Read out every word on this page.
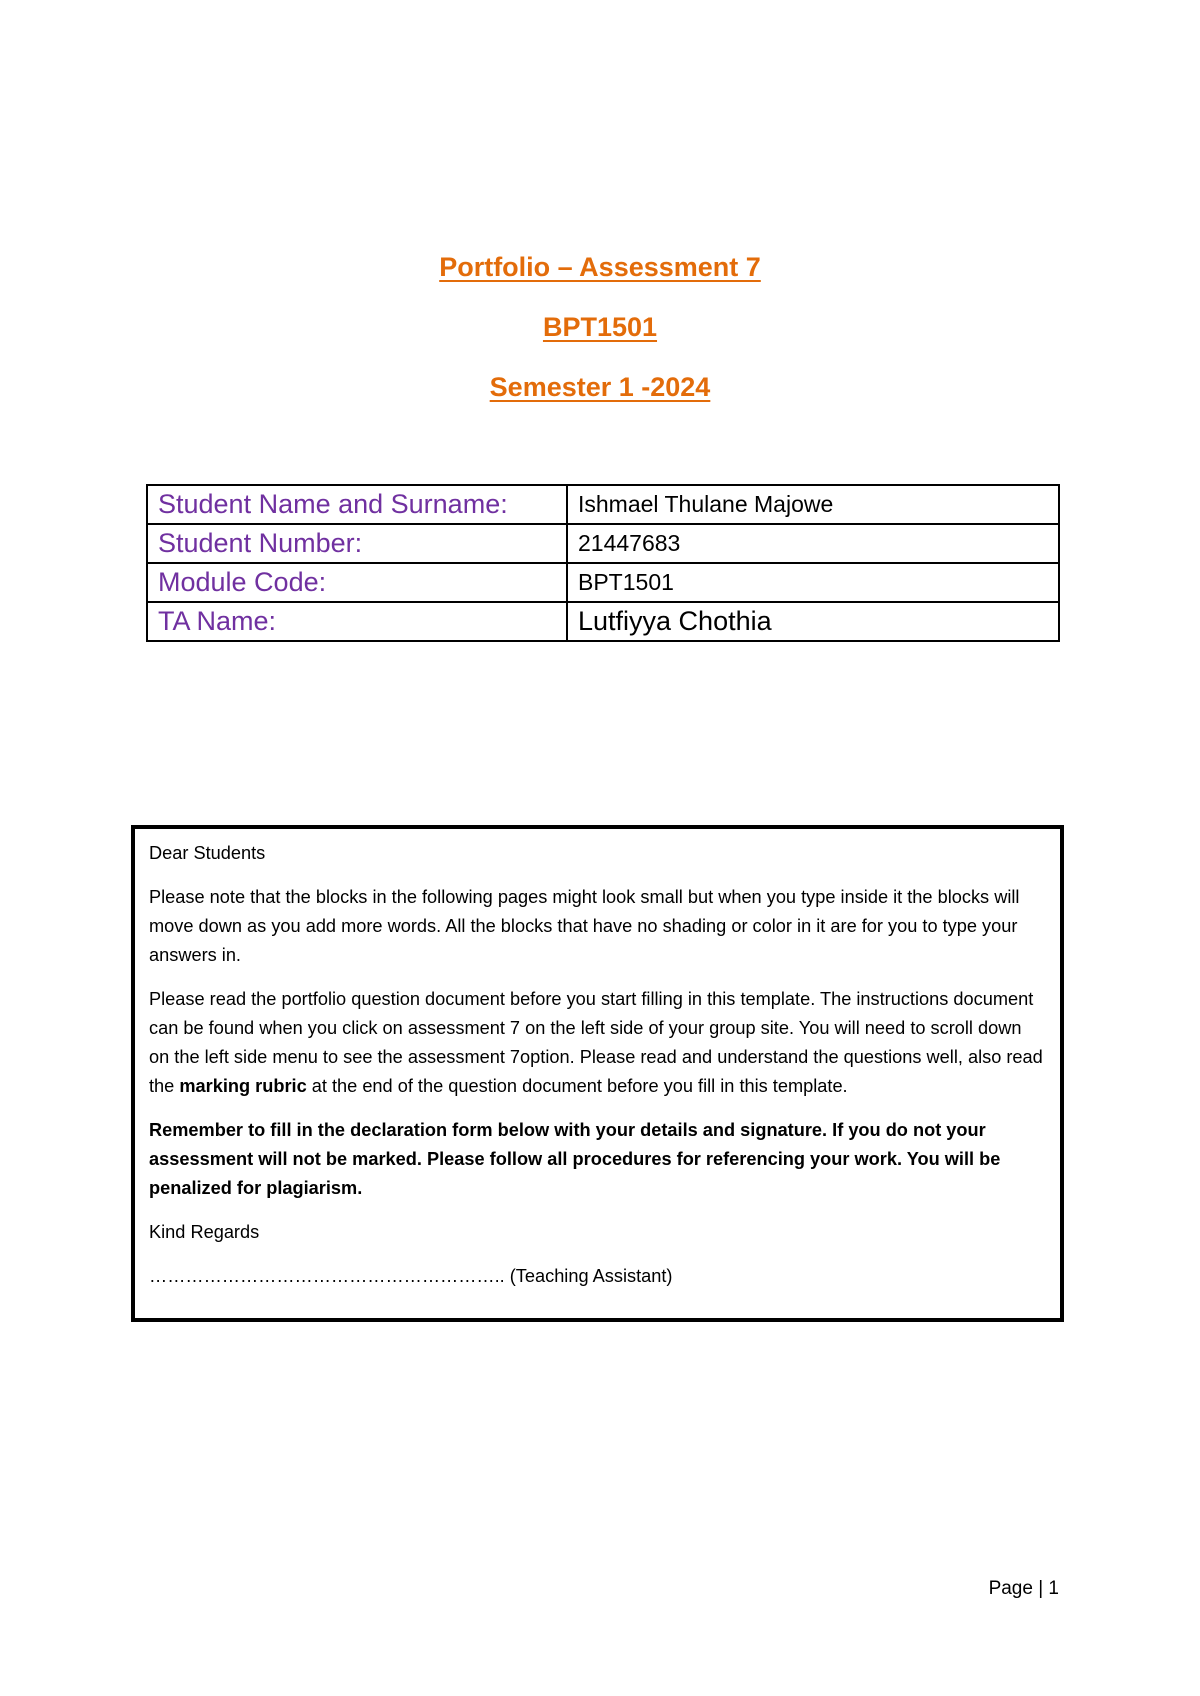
Portfolio – Assessment 7
BPT1501
Semester 1 -2024
Student Name and Surname:	Ishmael Thulane Majowe
Student Number:	21447683
Module Code:	BPT1501
TA Name:	Lutfiyya Chothia

Dear Students

Please note that the blocks in the following pages might look small but when you type inside it the blocks will move down as you add more words. All the blocks that have no shading or color in it are for you to type your answers in.

Please read the portfolio question document before you start filling in this template. The instructions document can be found when you click on assessment 7 on the left side of your group site. You will need to scroll down on the left side menu to see the assessment 7option. Please read and understand the questions well, also read the marking rubric at the end of the question document before you fill in this template.

Remember to fill in the declaration form below with your details and signature. If you do not your assessment will not be marked. Please follow all procedures for referencing your work. You will be penalized for plagiarism.

Kind Regards

………………………………………………….. (Teaching Assistant)

Page | 1
